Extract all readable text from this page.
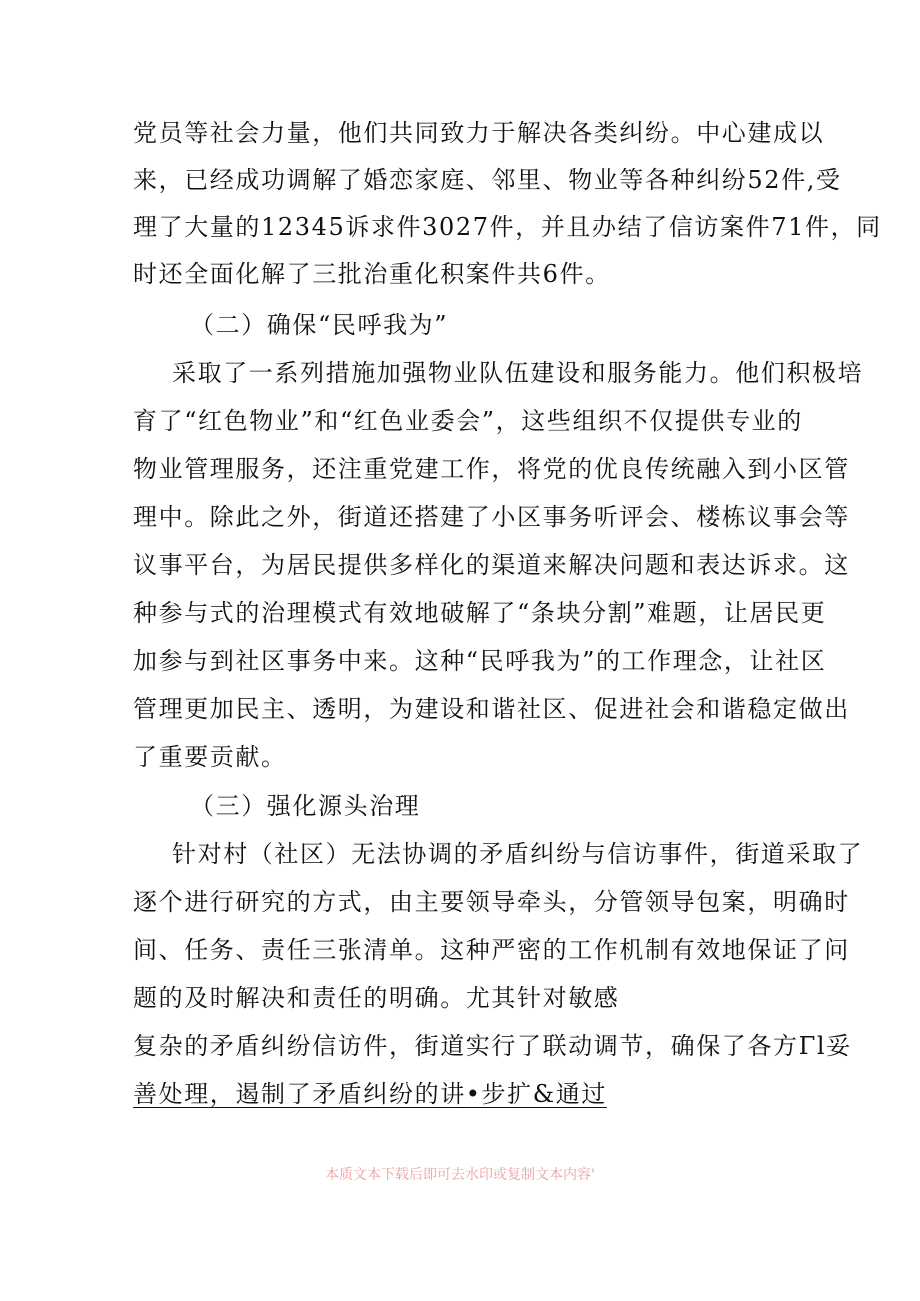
党员等社会力量，他们共同致力于解决各类纠纷。中心建成以
来，已经成功调解了婚恋家庭、邻里、物业等各种纠纷52件,受
理了大量的12345诉求件3027件，并且办结了信访案件71件，同
时还全面化解了三批治重化积案件共6件。
（二）确保“民呼我为”
采取了一系列措施加强物业队伍建设和服务能力。他们积极培
育了“红色物业”和“红色业委会”，这些组织不仅提供专业的
物业管理服务，还注重党建工作，将党的优良传统融入到小区管
理中。除此之外，街道还搭建了小区事务听评会、楼栋议事会等
议事平台，为居民提供多样化的渠道来解决问题和表达诉求。这
种参与式的治理模式有效地破解了“条块分割”难题，让居民更
加参与到社区事务中来。这种“民呼我为”的工作理念，让社区
管理更加民主、透明，为建设和谐社区、促进社会和谐稳定做出
了重要贡献。
（三）强化源头治理
针对村（社区）无法协调的矛盾纠纷与信访事件，街道采取了
逐个进行研究的方式，由主要领导牵头，分管领导包案，明确时
间、任务、责任三张清单。这种严密的工作机制有效地保证了问
题的及时解决和责任的明确。尤其针对敏感
复杂的矛盾纠纷信访件，街道实行了联动调节，确保了各方Γl妥
善处理，遏制了矛盾纠纷的讲•步扩&通过
本质文本下载后即可去水印或复制文本内容'
